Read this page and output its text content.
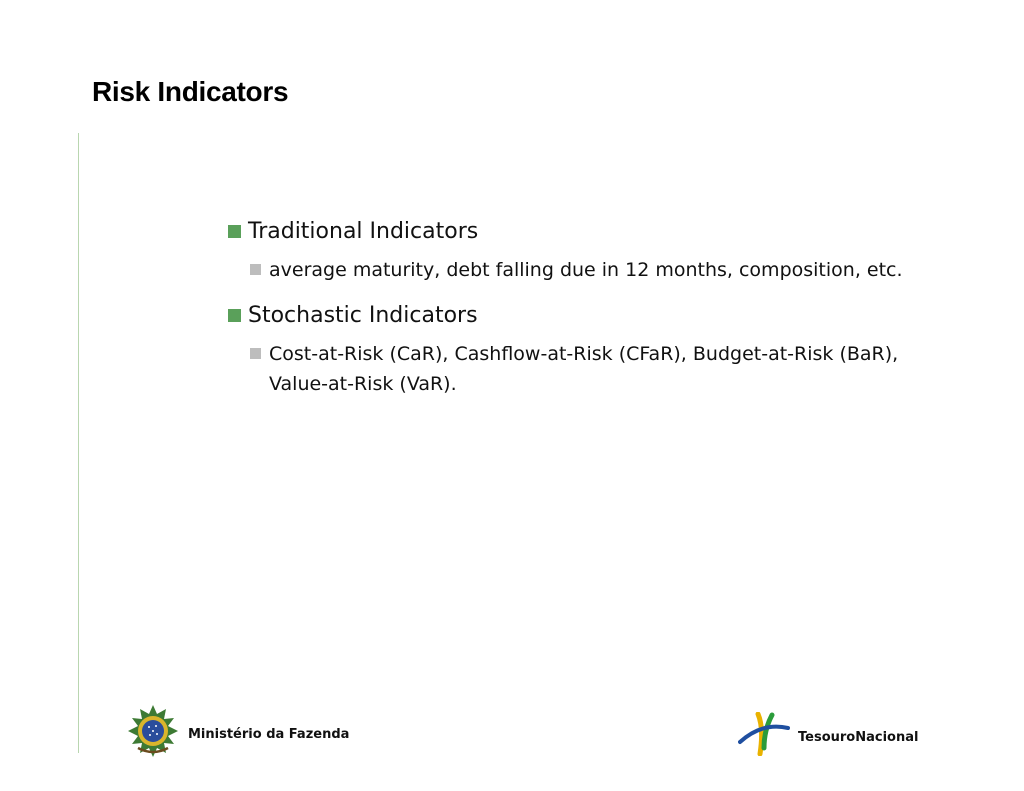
Risk Indicators
Traditional Indicators
average maturity, debt falling due in 12 months, composition, etc.
Stochastic Indicators
Cost-at-Risk (CaR), Cashflow-at-Risk (CFaR), Budget-at-Risk (BaR), Value-at-Risk (VaR).
Ministério da Fazenda	TesouroNacional
